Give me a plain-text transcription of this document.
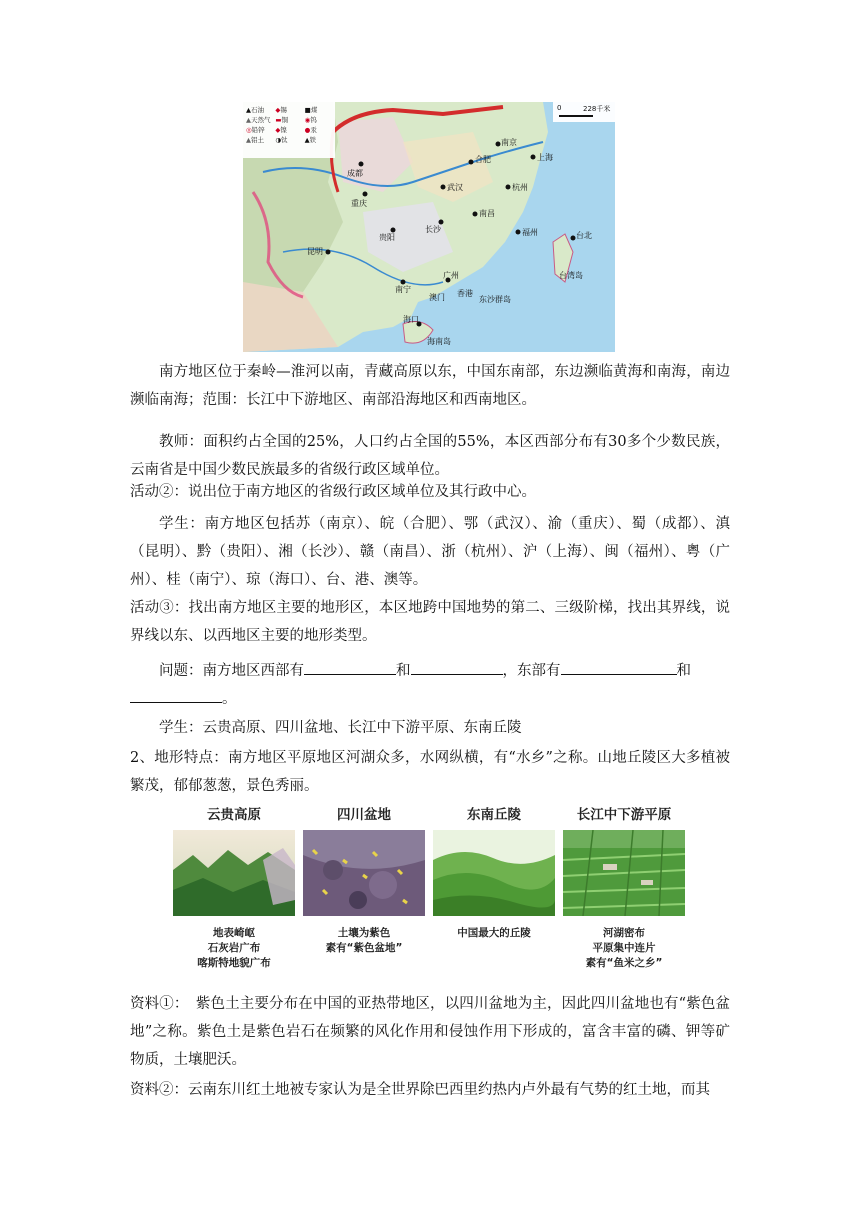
▲石油	◆锡	■煤
▲天然气 ▬铜	◉钨
◎铅锌	◆镍	●汞
▲铝土	◑钛	▲铁
0	228千米
成都
重庆
上海
南京
合肥
武汉
长沙
南昌
杭州
福州
贵阳
昆明
南宁
广州
澳门 香港
海口
台湾岛
海南岛
东沙群岛
台北

南方地区位于秦岭—淮河以南，青藏高原以东，中国东南部，东边濒临黄海和南海，南边濒临南海；范围：长江中下游地区、南部沿海地区和西南地区。

教师：面积约占全国的25%，人口约占全国的55%，本区西部分布有30多个少数民族，云南省是中国少数民族最多的省级行政区域单位。

活动②：说出位于南方地区的省级行政区域单位及其行政中心。

学生：南方地区包括苏（南京）、皖（合肥）、鄂（武汉）、渝（重庆）、蜀（成都）、滇（昆明）、黔（贵阳）、湘（长沙）、赣（南昌）、浙（杭州）、沪（上海）、闽（福州）、粤（广州）、桂（南宁）、琼（海口）、台、港、澳等。

活动③：找出南方地区主要的地形区，本区地跨中国地势的第二、三级阶梯，找出其界线，说界线以东、以西地区主要的地形类型。

问题：南方地区西部有	和	，东部有	和

。

学生：云贵高原、四川盆地、长江中下游平原、东南丘陵

2、地形特点：南方地区平原地区河湖众多，水网纵横，有“水乡”之称。山地丘陵区大多植被繁茂，郁郁葱葱，景色秀丽。

云贵高原
地表崎岖
石灰岩广布
喀斯特地貌广布
四川盆地
土壤为紫色
素有“紫色盆地”
东南丘陵
中国最大的丘陵
长江中下游平原
河湖密布
平原集中连片
素有“鱼米之乡”

资料①：　紫色土主要分布在中国的亚热带地区，以四川盆地为主，因此四川盆地也有“紫色盆地”之称。紫色土是紫色岩石在频繁的风化作用和侵蚀作用下形成的，富含丰富的磷、钾等矿物质，土壤肥沃。

资料②：云南东川红土地被专家认为是全世界除巴西里约热内卢外最有气势的红土地，而其
